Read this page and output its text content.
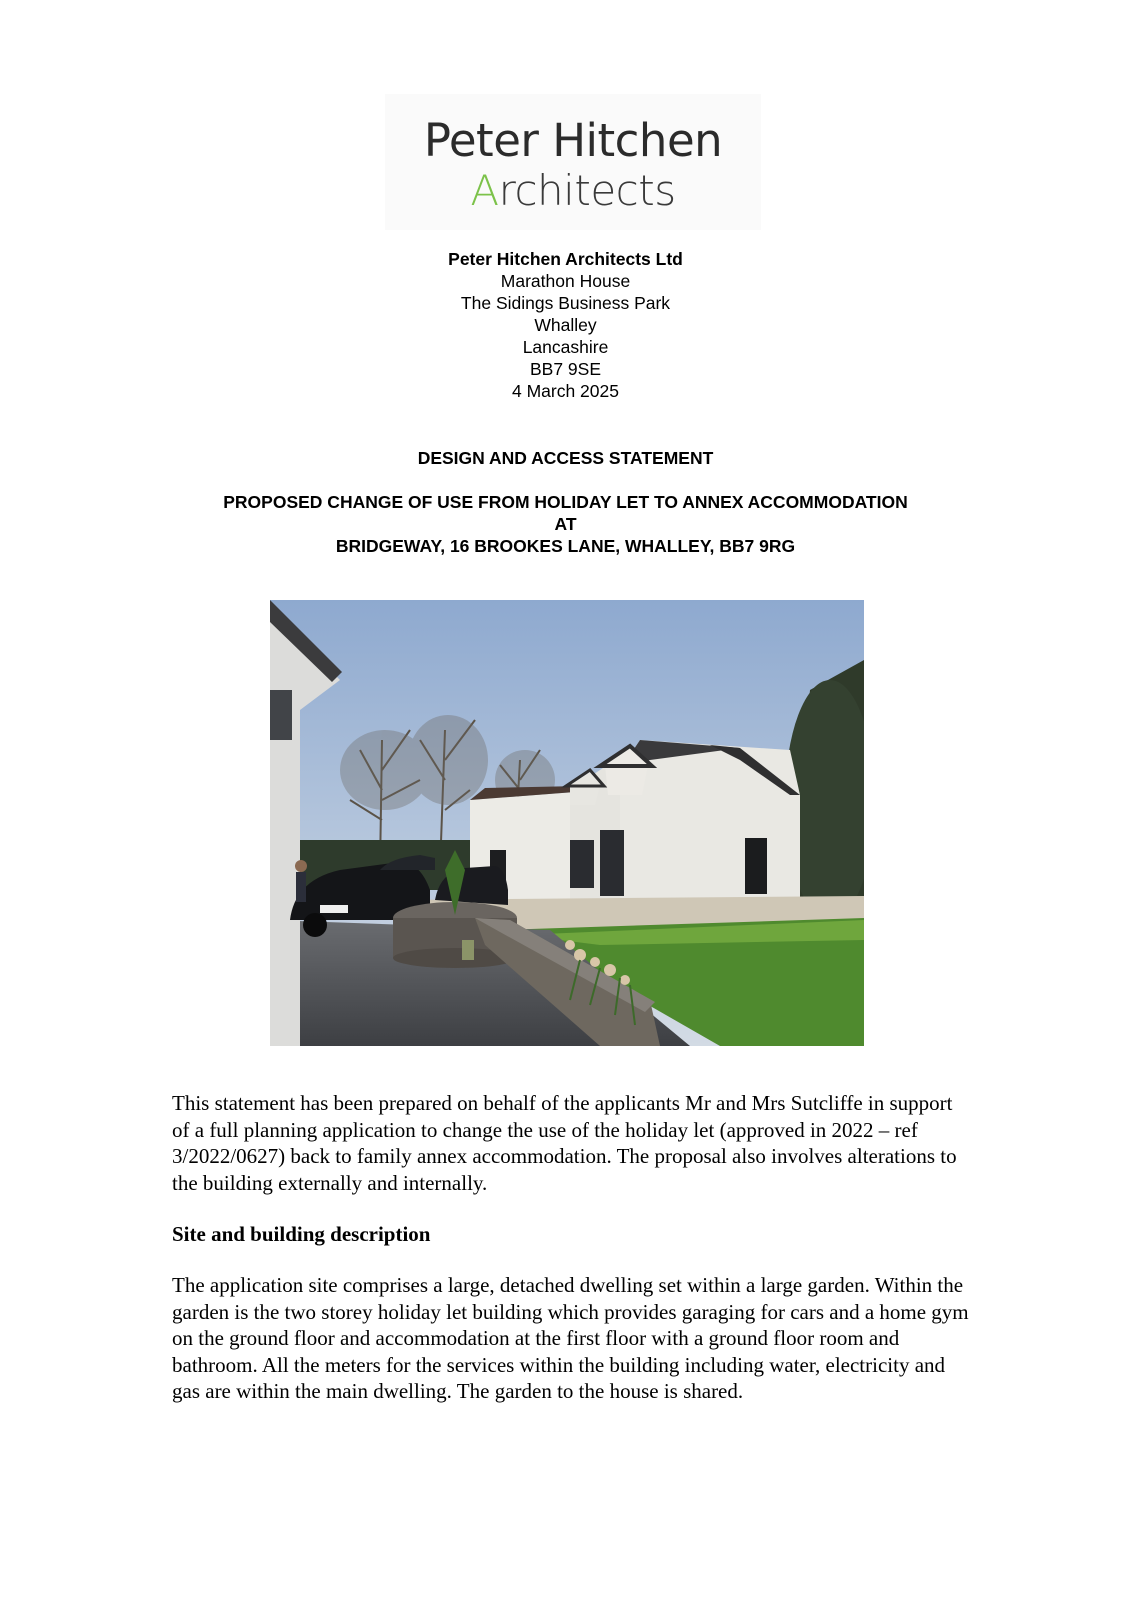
Peter Hitchen
Architects
Peter Hitchen Architects Ltd
Marathon House
The Sidings Business Park
Whalley
Lancashire
BB7 9SE
4 March 2025
DESIGN AND ACCESS STATEMENT
PROPOSED CHANGE OF USE FROM HOLIDAY LET TO ANNEX ACCOMMODATION
AT
BRIDGEWAY, 16 BROOKES LANE, WHALLEY, BB7 9RG
This statement has been prepared on behalf of the applicants Mr and Mrs Sutcliffe in support of a full planning application to change the use of the holiday let (approved in 2022 – ref 3/2022/0627) back to family annex accommodation. The proposal also involves alterations to the building externally and internally.
Site and building description
The application site comprises a large, detached dwelling set within a large garden. Within the garden is the two storey holiday let building which provides garaging for cars and a home gym on the ground floor and accommodation at the first floor with a ground floor room and bathroom. All the meters for the services within the building including water, electricity and gas are within the main dwelling. The garden to the house is shared.
